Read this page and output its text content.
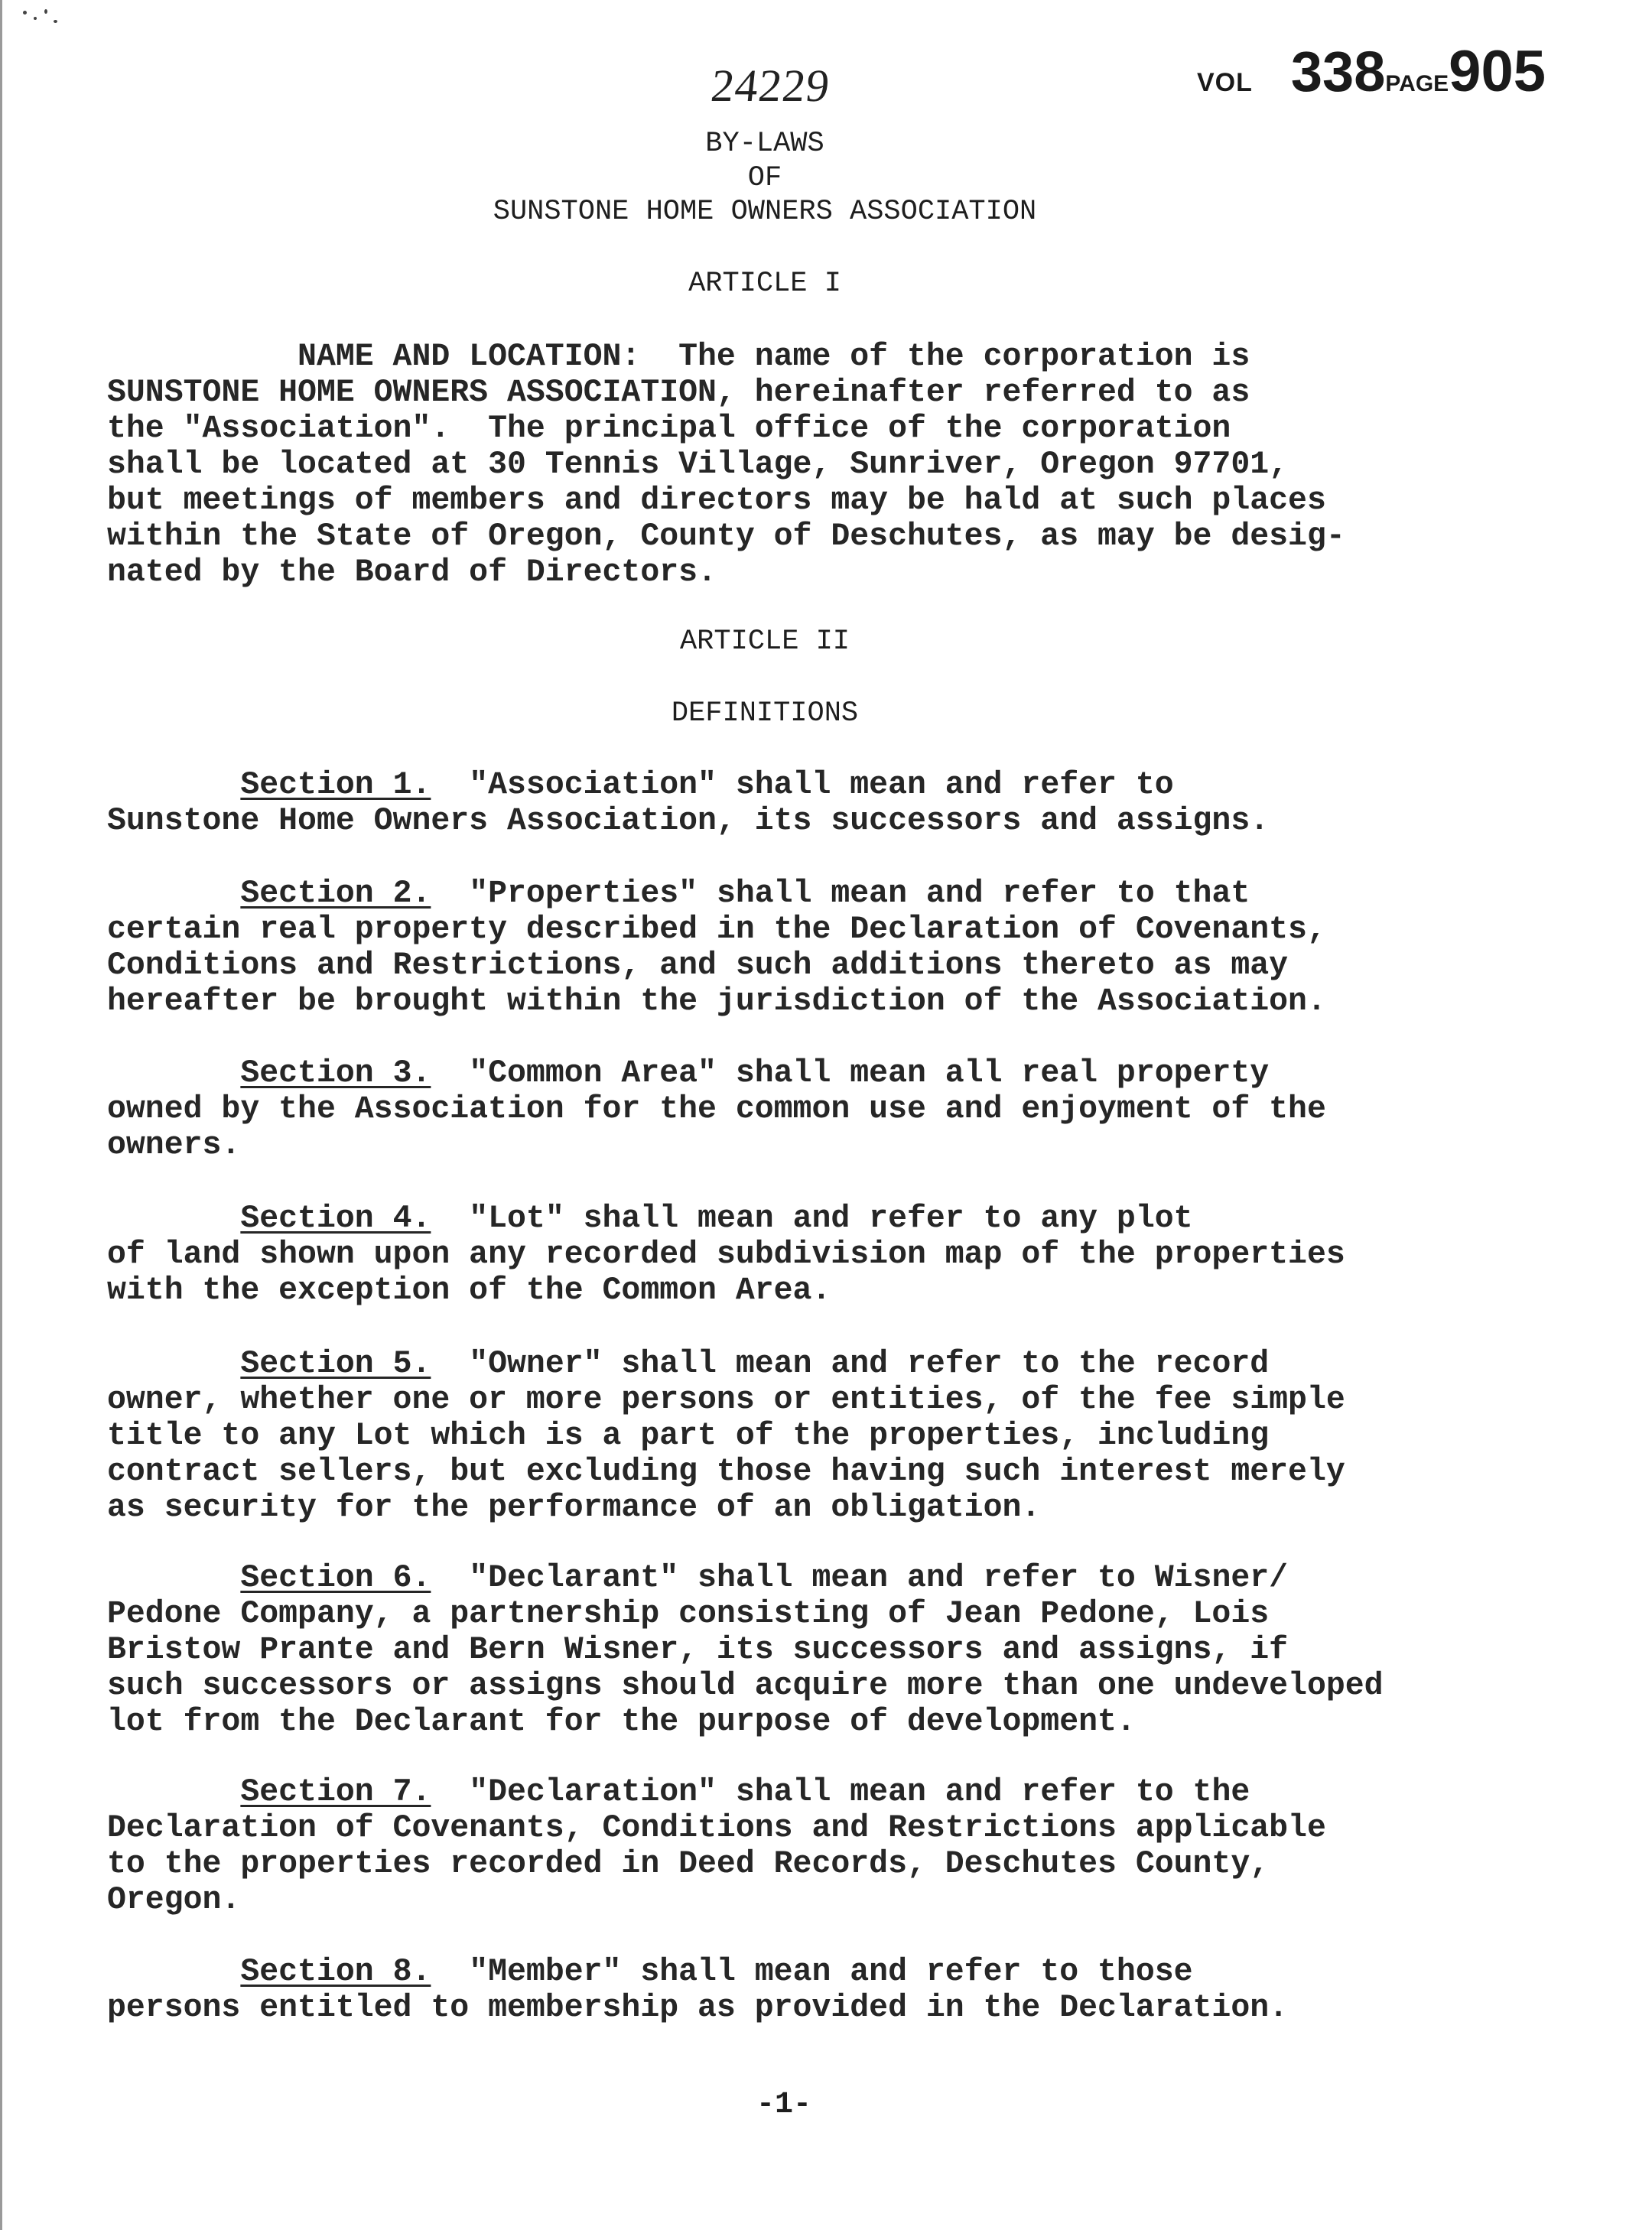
24229	VOL 338PAGE905
BY-LAWS
OF
SUNSTONE HOME OWNERS ASSOCIATION
ARTICLE I
NAME AND LOCATION:  The name of the corporation is
SUNSTONE HOME OWNERS ASSOCIATION, hereinafter referred to as
the "Association".  The principal office of the corporation
shall be located at 30 Tennis Village, Sunriver, Oregon 97701,
but meetings of members and directors may be hald at such places
within the State of Oregon, County of Deschutes, as may be desig-
nated by the Board of Directors.
ARTICLE II
DEFINITIONS
Section 1.  "Association" shall mean and refer to
Sunstone Home Owners Association, its successors and assigns.
Section 2.  "Properties" shall mean and refer to that
certain real property described in the Declaration of Covenants,
Conditions and Restrictions, and such additions thereto as may
hereafter be brought within the jurisdiction of the Association.
Section 3.  "Common Area" shall mean all real property
owned by the Association for the common use and enjoyment of the
owners.
Section 4.  "Lot" shall mean and refer to any plot
of land shown upon any recorded subdivision map of the properties
with the exception of the Common Area.
Section 5.  "Owner" shall mean and refer to the record
owner, whether one or more persons or entities, of the fee simple
title to any Lot which is a part of the properties, including
contract sellers, but excluding those having such interest merely
as security for the performance of an obligation.
Section 6.  "Declarant" shall mean and refer to Wisner/
Pedone Company, a partnership consisting of Jean Pedone, Lois
Bristow Prante and Bern Wisner, its successors and assigns, if
such successors or assigns should acquire more than one undeveloped
lot from the Declarant for the purpose of development.
Section 7.  "Declaration" shall mean and refer to the
Declaration of Covenants, Conditions and Restrictions applicable
to the properties recorded in Deed Records, Deschutes County,
Oregon.
Section 8.  "Member" shall mean and refer to those
persons entitled to membership as provided in the Declaration.
-1-
